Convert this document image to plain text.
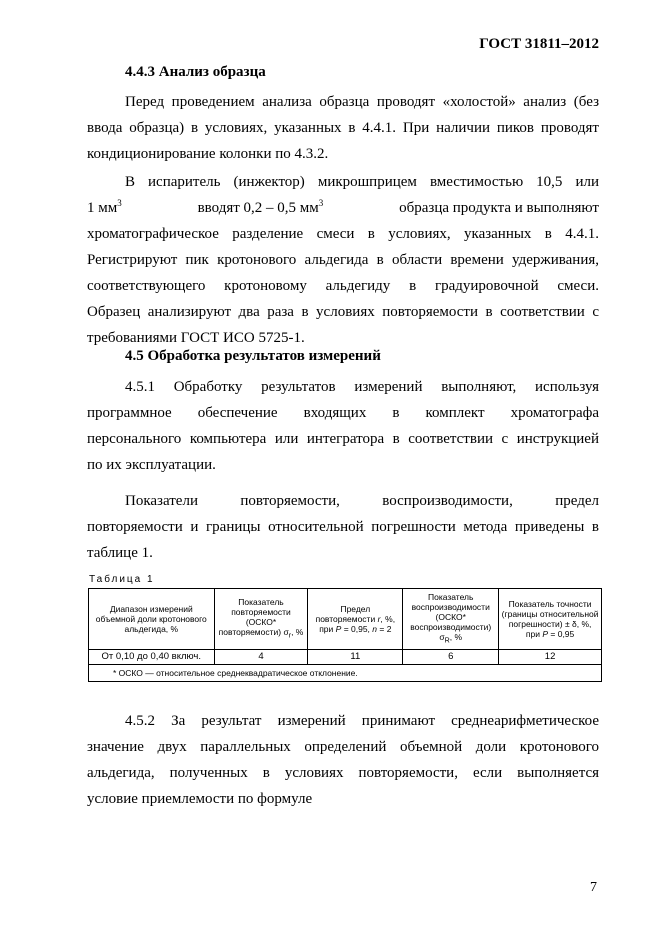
ГОСТ 31811–2012
4.4.3 Анализ образца
Перед проведением анализа образца проводят «холостой» анализ (без
ввода образца) в условиях, указанных в 4.4.1. При наличии пиков проводят
кондиционирование колонки по 4.3.2.
В испаритель (инжектор) микрошприцем вместимостью 10,5 или
1 $мм^3$	вводят 0,2 – 0,5 $мм^3$	образца продукта и выполняют
хроматографическое разделение смеси в условиях, указанных в 4.4.1.
Регистрируют пик кротонового альдегида в области времени удерживания,
соответствующего кротоновому альдегиду в градуировочной смеси.
Образец анализируют два раза в условиях повторяемости в соответствии с
требованиями ГОСТ ИСО 5725-1.
4.5 Обработка результатов измерений
4.5.1 Обработку результатов измерений выполняют, используя
программное обеспечение входящих в комплект хроматографа
персонального компьютера или интегратора в соответствии с инструкцией
по их эксплуатации.
Показатели повторяемости, воспроизводимости, предел
повторяемости и границы относительной погрешности метода приведены в
таблице 1.
Таблица 1
Диапазон измерений объемной доли кротонового альдегида, %	Показатель повторяемости (ОСКО* повторяемости) $\sigma_r$, %	Предел повторяемости r, %,
при P = 0,95, n = 2	Показатель воспроизводимости (ОСКО* воспроизводимости)
$\sigma_R$, %	Показатель точности (границы относительной погрешности) ± δ, %,
при P = 0,95
От 0,10 до 0,40 включ.	4	11	6	12
* ОСКО — относительное среднеквадратическое отклонение.				
4.5.2 За результат измерений принимают среднеарифметическое
значение двух параллельных определений объемной доли кротонового
альдегида, полученных в условиях повторяемости, если выполняется
условие приемлемости по формуле
7
